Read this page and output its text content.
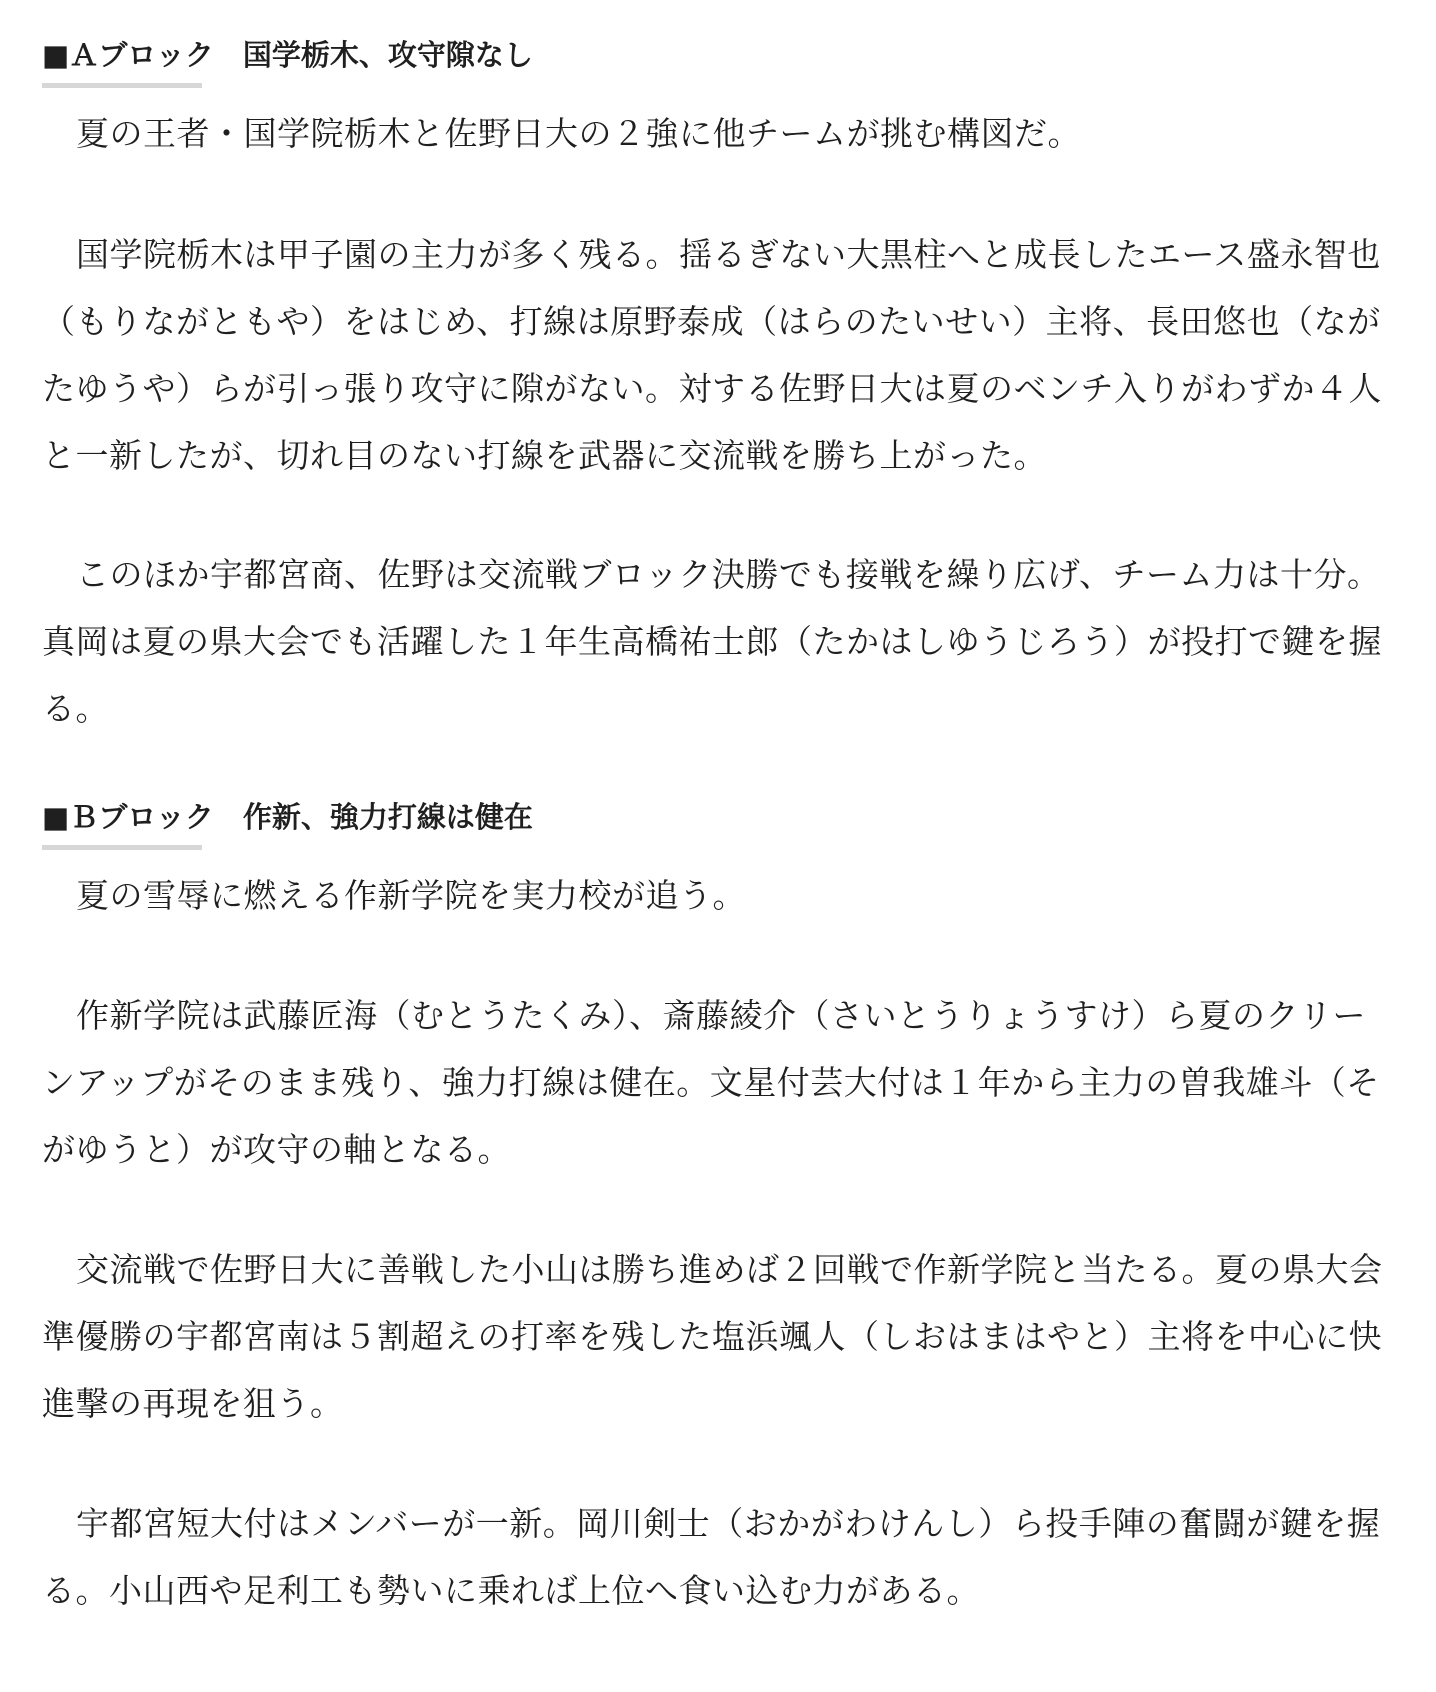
■Ａブロック　国学栃木、攻守隙なし

夏の王者・国学院栃木と佐野日大の２強に他チームが挑む構図だ。

国学院栃木は甲子園の主力が多く残る。揺るぎない大黒柱へと成長したエース盛永智也（もりながともや）をはじめ、打線は原野泰成（はらのたいせい）主将、長田悠也（ながたゆうや）らが引っ張り攻守に隙がない。対する佐野日大は夏のベンチ入りがわずか４人と一新したが、切れ目のない打線を武器に交流戦を勝ち上がった。

このほか宇都宮商、佐野は交流戦ブロック決勝でも接戦を繰り広げ、チーム力は十分。真岡は夏の県大会でも活躍した１年生高橋祐士郎（たかはしゆうじろう）が投打で鍵を握る。

■Ｂブロック　作新、強力打線は健在

夏の雪辱に燃える作新学院を実力校が追う。

作新学院は武藤匠海（むとうたくみ）、斎藤綾介（さいとうりょうすけ）ら夏のクリーンアップがそのまま残り、強力打線は健在。文星付芸大付は１年から主力の曽我雄斗（そがゆうと）が攻守の軸となる。

交流戦で佐野日大に善戦した小山は勝ち進めば２回戦で作新学院と当たる。夏の県大会準優勝の宇都宮南は５割超えの打率を残した塩浜颯人（しおはまはやと）主将を中心に快進撃の再現を狙う。

宇都宮短大付はメンバーが一新。岡川剣士（おかがわけんし）ら投手陣の奮闘が鍵を握る。小山西や足利工も勢いに乗れば上位へ食い込む力がある。
